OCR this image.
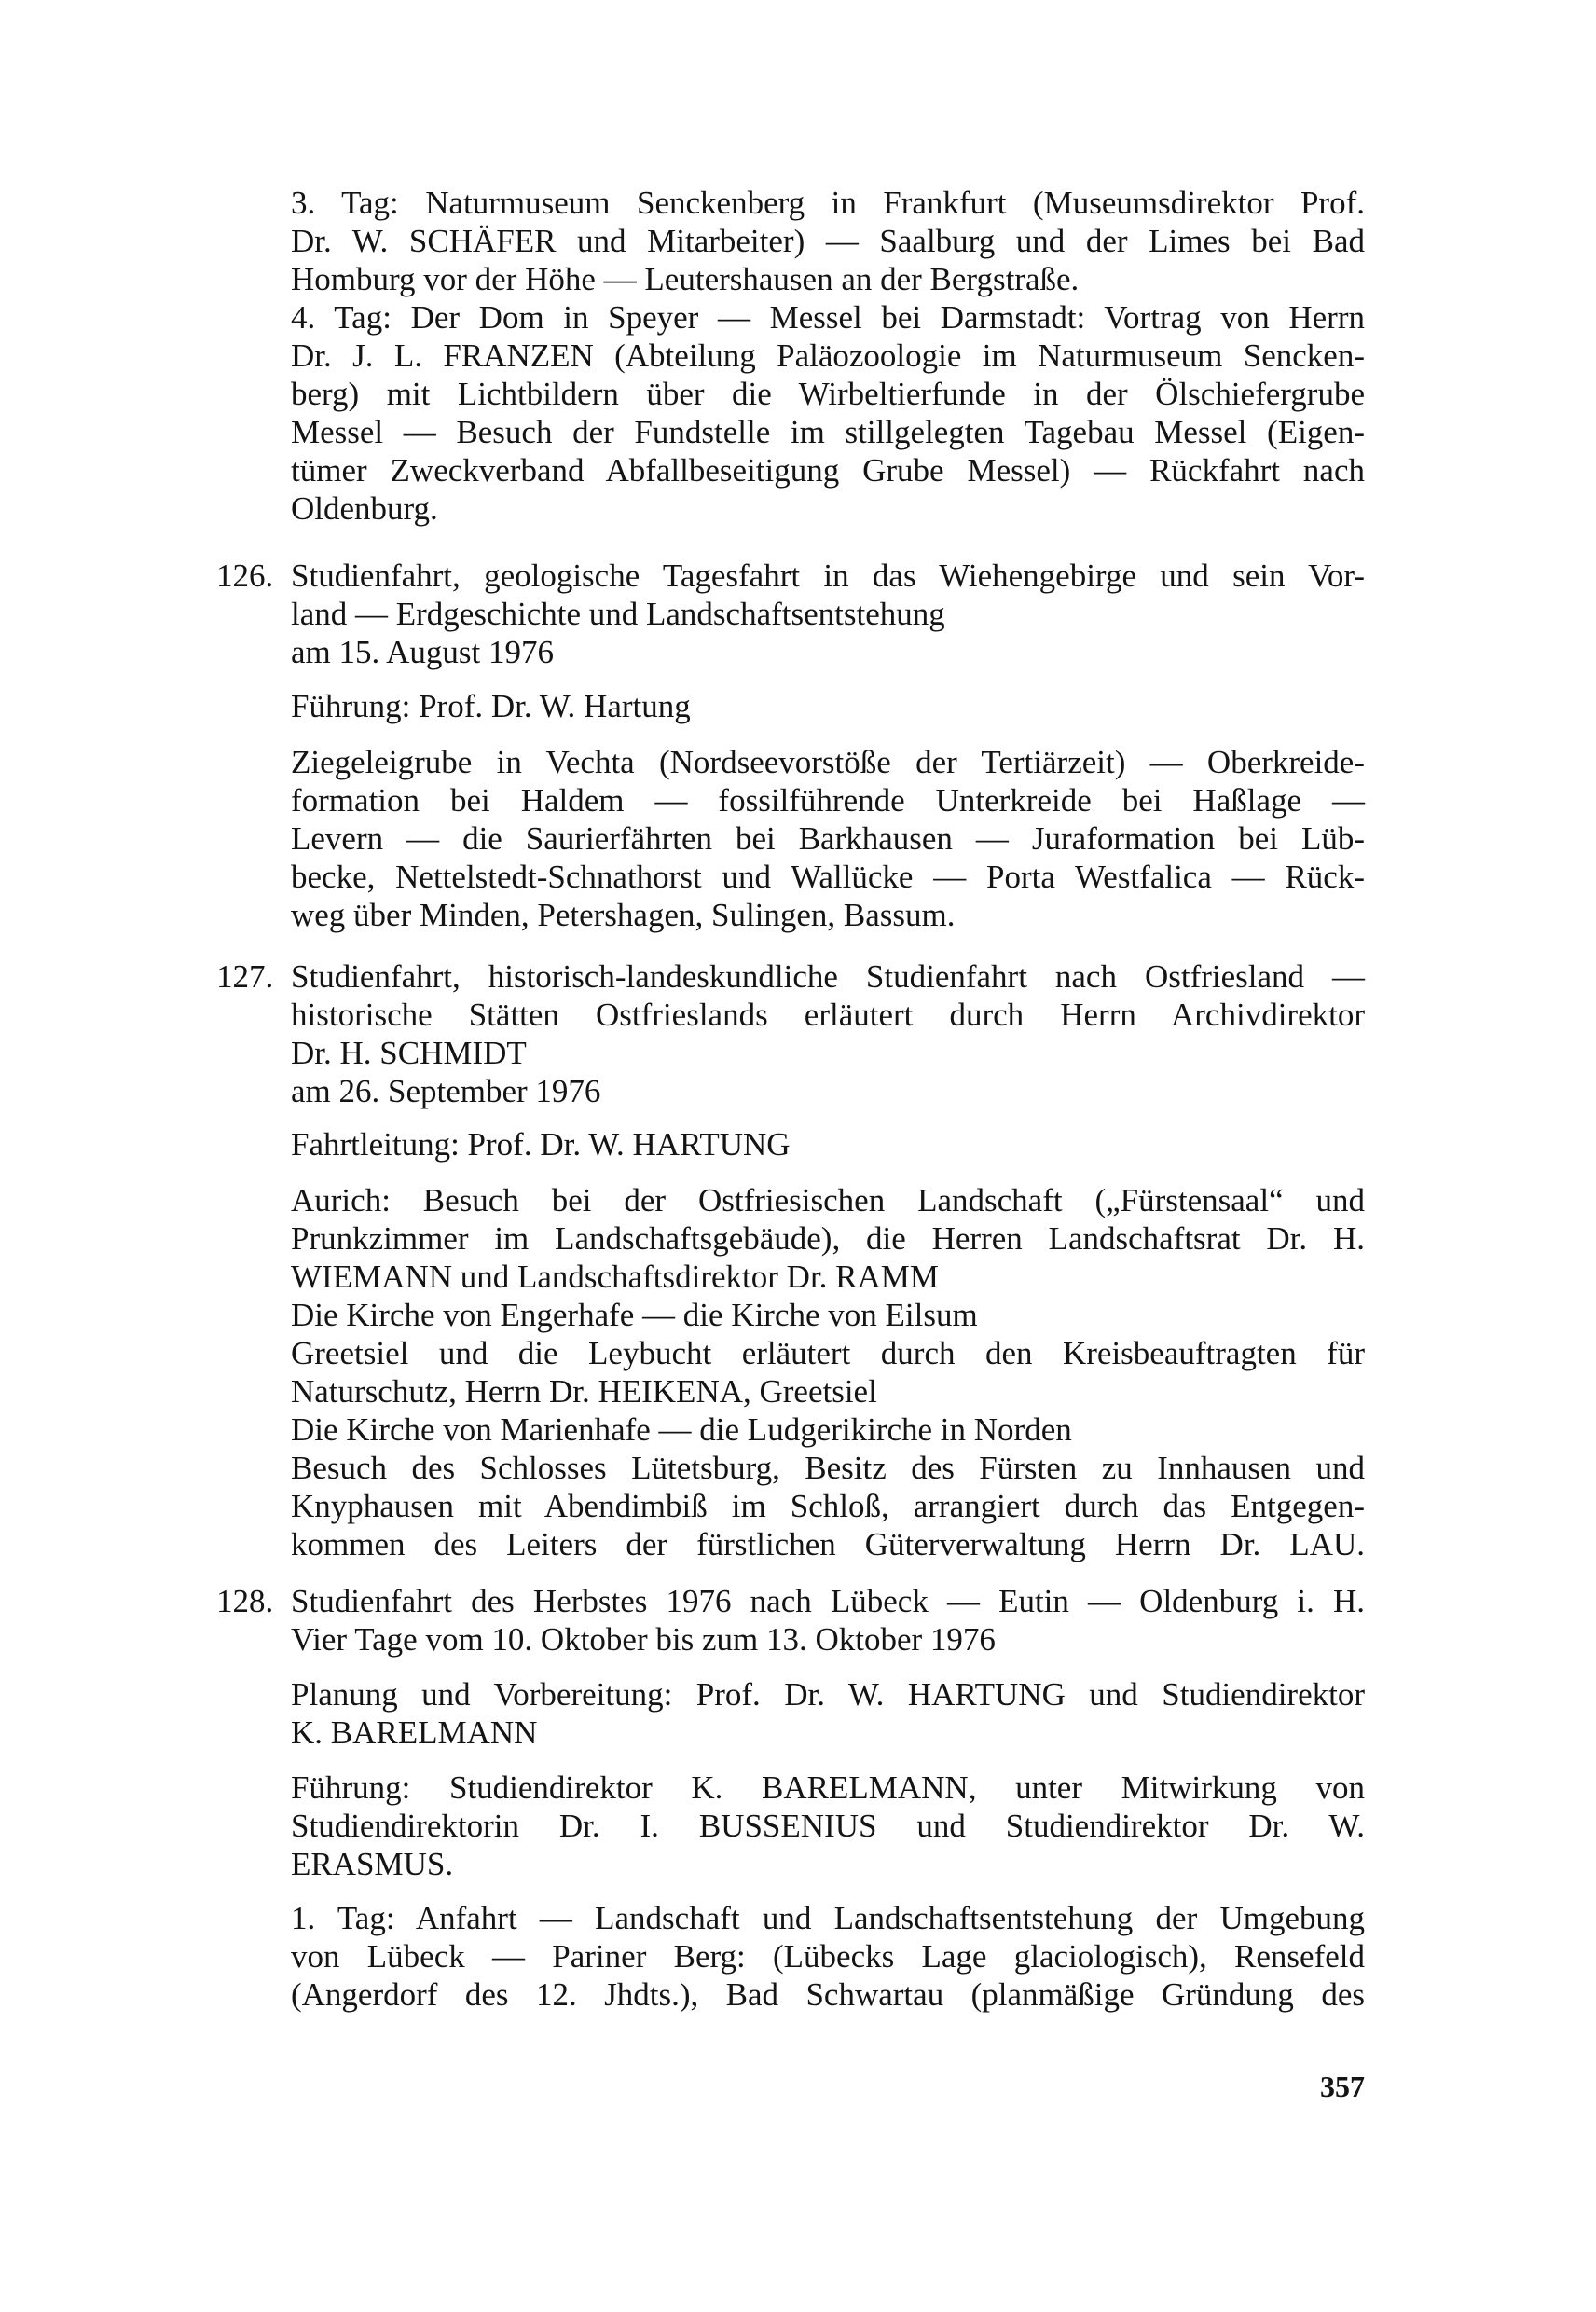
3. Tag: Naturmuseum Senckenberg in Frankfurt (Museumsdirektor Prof.
Dr. W. SCHÄFER und Mitarbeiter) — Saalburg und der Limes bei Bad
Homburg vor der Höhe — Leutershausen an der Bergstraße.
4. Tag: Der Dom in Speyer — Messel bei Darmstadt: Vortrag von Herrn
Dr. J. L. FRANZEN (Abteilung Paläozoologie im Naturmuseum Sencken-
berg) mit Lichtbildern über die Wirbeltierfunde in der Ölschiefergrube
Messel — Besuch der Fundstelle im stillgelegten Tagebau Messel (Eigen-
tümer Zweckverband Abfallbeseitigung Grube Messel) — Rückfahrt nach
Oldenburg.
126. Studienfahrt, geologische Tagesfahrt in das Wiehengebirge und sein Vor-
land — Erdgeschichte und Landschaftsentstehung
am 15. August 1976
Führung: Prof. Dr. W. Hartung
Ziegeleigrube in Vechta (Nordseevorstöße der Tertiärzeit) — Oberkreide-
formation bei Haldem — fossilführende Unterkreide bei Haßlage —
Levern — die Saurierfährten bei Barkhausen — Juraformation bei Lüb-
becke, Nettelstedt-Schnathorst und Wallücke — Porta Westfalica — Rück-
weg über Minden, Petershagen, Sulingen, Bassum.
127. Studienfahrt, historisch-landeskundliche Studienfahrt nach Ostfriesland —
historische Stätten Ostfrieslands erläutert durch Herrn Archivdirektor
Dr. H. SCHMIDT
am 26. September 1976
Fahrtleitung: Prof. Dr. W. HARTUNG
Aurich: Besuch bei der Ostfriesischen Landschaft („Fürstensaal“ und
Prunkzimmer im Landschaftsgebäude), die Herren Landschaftsrat Dr. H.
WIEMANN und Landschaftsdirektor Dr. RAMM
Die Kirche von Engerhafe — die Kirche von Eilsum
Greetsiel und die Leybucht erläutert durch den Kreisbeauftragten für
Naturschutz, Herrn Dr. HEIKENA, Greetsiel
Die Kirche von Marienhafe — die Ludgerikirche in Norden
Besuch des Schlosses Lütetsburg, Besitz des Fürsten zu Innhausen und
Knyphausen mit Abendimbiß im Schloß, arrangiert durch das Entgegen-
kommen des Leiters der fürstlichen Güterverwaltung Herrn Dr. LAU.
128. Studienfahrt des Herbstes 1976 nach Lübeck — Eutin — Oldenburg i. H.
Vier Tage vom 10. Oktober bis zum 13. Oktober 1976
Planung und Vorbereitung: Prof. Dr. W. HARTUNG und Studiendirektor
K. BARELMANN
Führung: Studiendirektor K. BARELMANN, unter Mitwirkung von
Studiendirektorin Dr. I. BUSSENIUS und Studiendirektor Dr. W.
ERASMUS.
1. Tag: Anfahrt — Landschaft und Landschaftsentstehung der Umgebung
von Lübeck — Pariner Berg: (Lübecks Lage glaciologisch), Rensefeld
(Angerdorf des 12. Jhdts.), Bad Schwartau (planmäßige Gründung des
357
